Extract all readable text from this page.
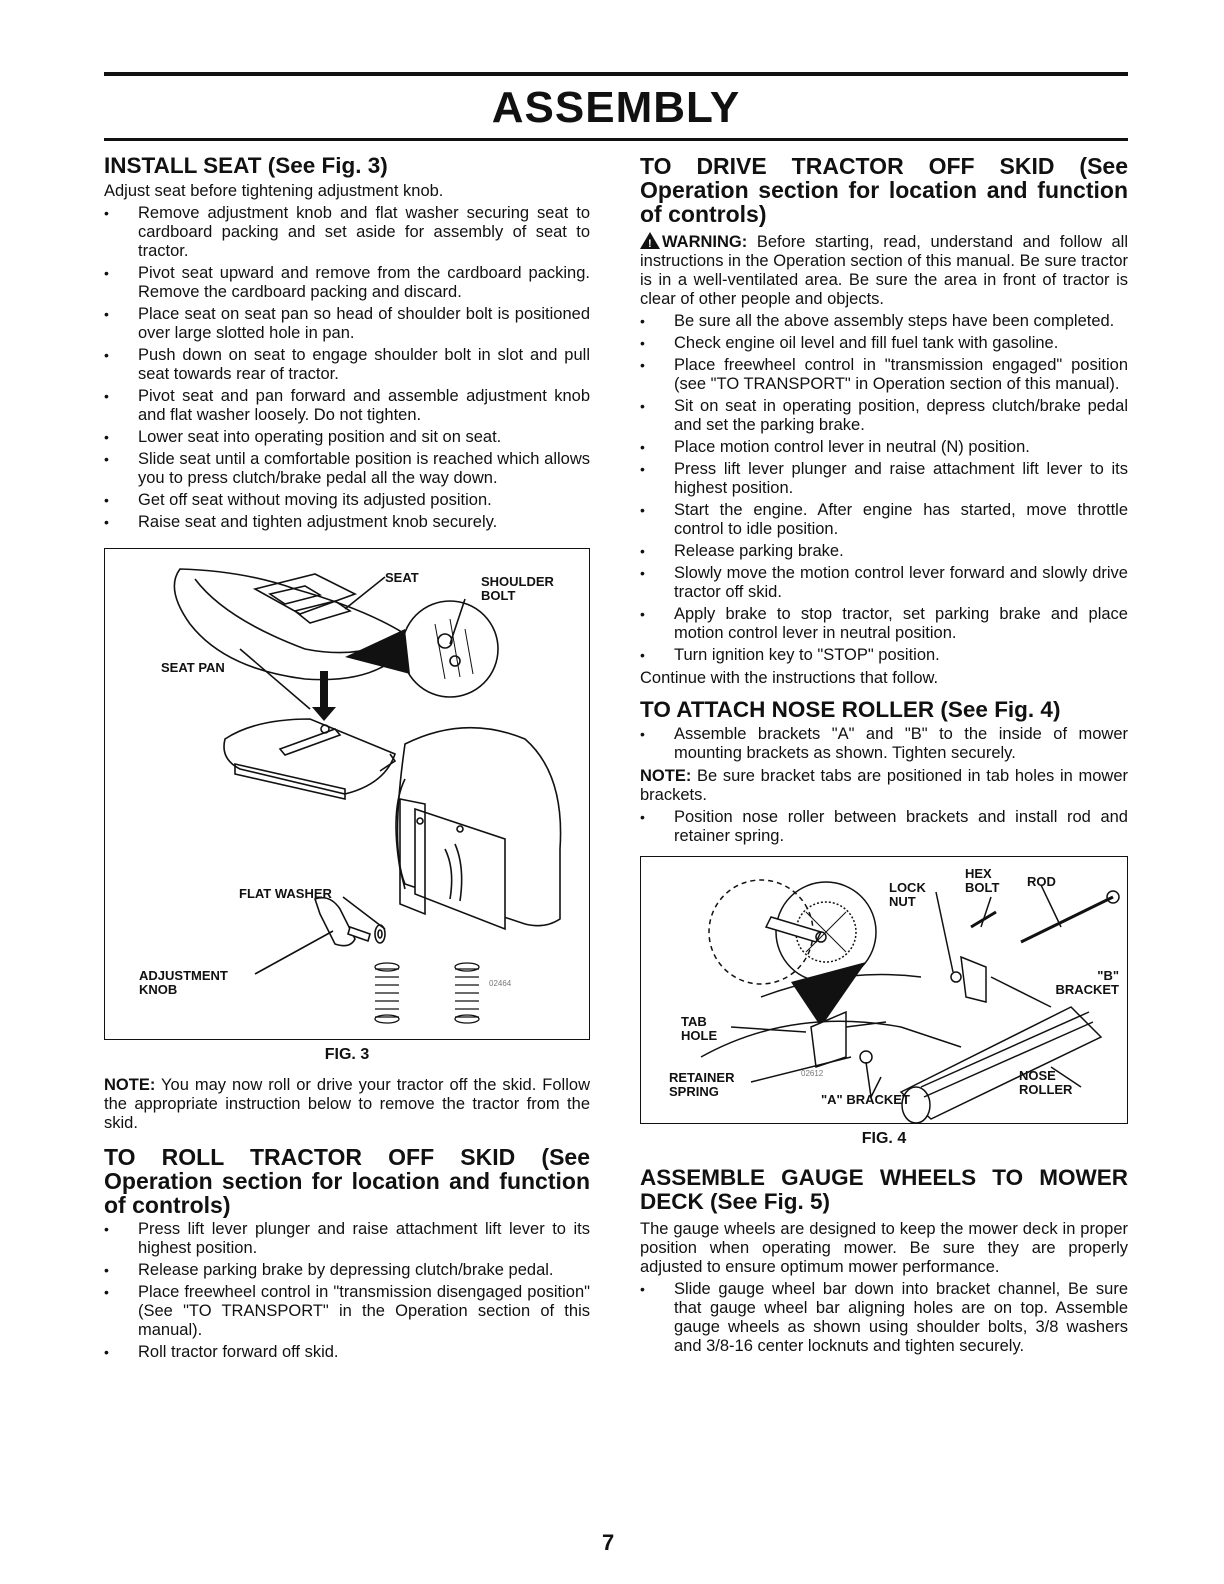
ASSEMBLY
INSTALL SEAT (See Fig. 3)

Adjust seat before tightening adjustment knob.

• Remove adjustment knob and flat washer securing seat to cardboard packing and set aside for assembly of seat to tractor.
• Pivot seat upward and remove from the cardboard packing. Remove the cardboard packing and discard.
• Place seat on seat pan so head of shoulder bolt is positioned over large slotted hole in pan.
• Push down on seat to engage shoulder bolt in slot and pull seat towards rear of tractor.
• Pivot seat and pan forward and assemble adjustment knob and flat washer loosely. Do not tighten.
• Lower seat into operating position and sit on seat.
• Slide seat until a comfortable position is reached which allows you to press clutch/brake pedal all the way down.
• Get off seat without moving its adjusted position.
• Raise seat and tighten adjustment knob securely.
SEAT	SHOULDER BOLT
SEAT PAN
FLAT WASHER
ADJUSTMENT KNOB	02464
FIG. 3

NOTE: You may now roll or drive your tractor off the skid. Follow the appropriate instruction below to remove the tractor from the skid.

TO ROLL TRACTOR OFF SKID (See Operation section for location and function of controls)
• Press lift lever plunger and raise attachment lift lever to its highest position.
• Release parking brake by depressing clutch/brake pedal.
• Place freewheel control in "transmission disengaged position" (See "TO TRANSPORT" in the Operation section of this manual).
• Roll tractor forward off skid.
TO DRIVE TRACTOR OFF SKID (See Operation section for location and function of controls)

! WARNING: Before starting, read, understand and follow all instructions in the Operation section of this manual. Be sure tractor is in a well-ventilated area. Be sure the area in front of tractor is clear of other people and objects.

• Be sure all the above assembly steps have been completed.
• Check engine oil level and fill fuel tank with gasoline.
• Place freewheel control in "transmission engaged" position (see "TO TRANSPORT" in Operation section of this manual).
• Sit on seat in operating position, depress clutch/brake pedal and set the parking brake.
• Place motion control lever in neutral (N) position.
• Press lift lever plunger and raise attachment lift lever to its highest position.
• Start the engine. After engine has started, move throttle control to idle position.
• Release parking brake.
• Slowly move the motion control lever forward and slowly drive tractor off skid.
• Apply brake to stop tractor, set parking brake and place motion control lever in neutral position.
• Turn ignition key to "STOP" position.

Continue with the instructions that follow.

TO ATTACH NOSE ROLLER (See Fig. 4)
• Assemble brackets "A" and "B" to the inside of mower mounting brackets as shown. Tighten securely.

NOTE: Be sure bracket tabs are positioned in tab holes in mower brackets.

• Position nose roller between brackets and install rod and retainer spring.
HEX BOLT	ROD
LOCK NUT
"B" BRACKET
TAB HOLE
RETAINER SPRING
"A" BRACKET
NOSE ROLLER
02612
FIG. 4
ASSEMBLE GAUGE WHEELS TO MOWER DECK (See Fig. 5)

The gauge wheels are designed to keep the mower deck in proper position when operating mower. Be sure they are properly adjusted to ensure optimum mower performance.

• Slide gauge wheel bar down into bracket channel, Be sure that gauge wheel bar aligning holes are on top. Assemble gauge wheels as shown using shoulder bolts, 3/8 washers and 3/8-16 center locknuts and tighten securely.
7
